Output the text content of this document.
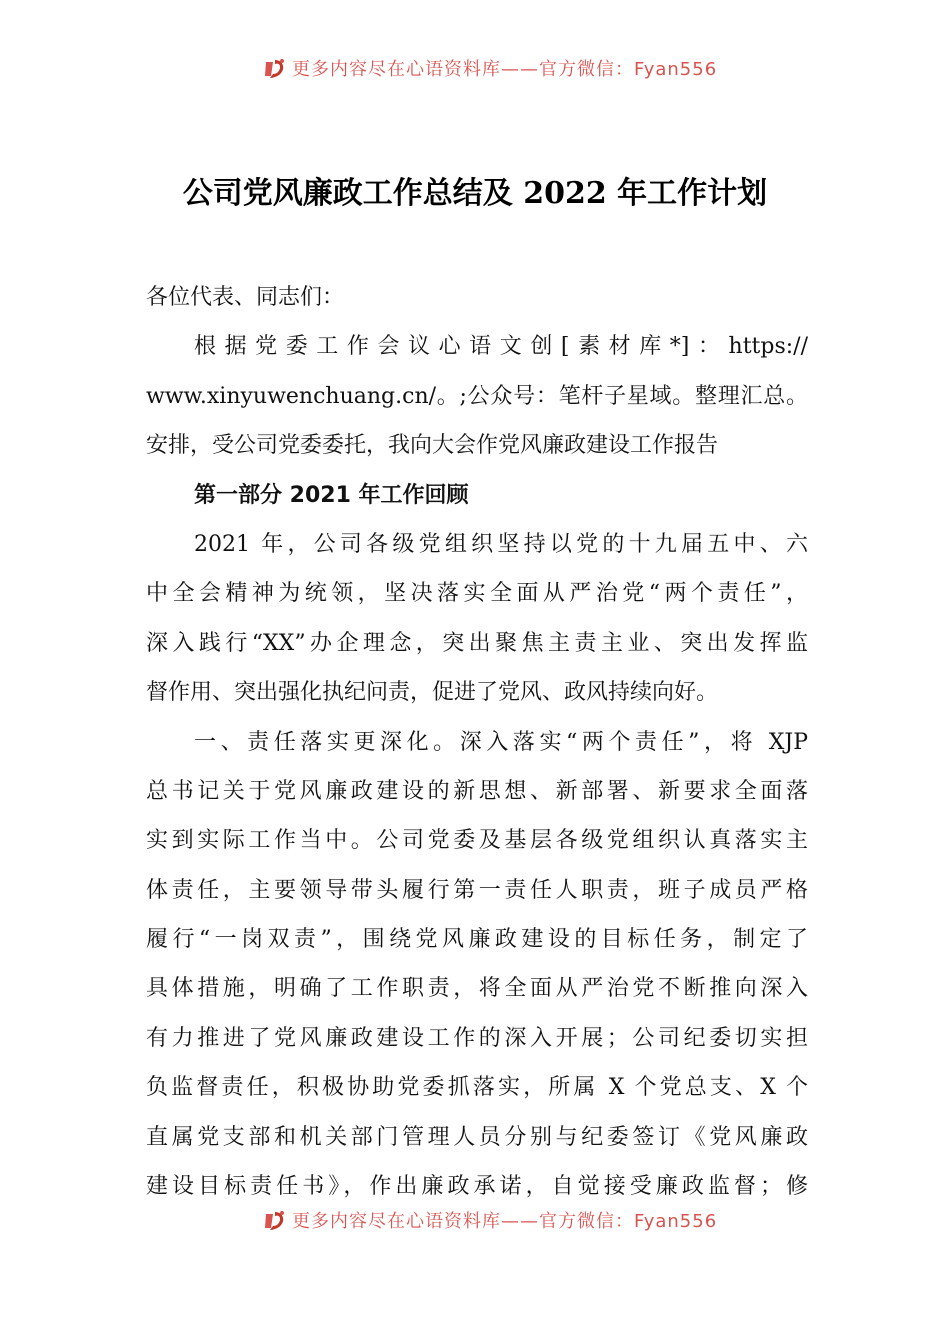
更多内容尽在心语资料库——官方微信：Fyan556
公司党风廉政工作总结及 2022 年工作计划
各位代表、同志们：
根据党委工作会议心语文创[素材库*]：https://
www.xinyuwenchuang.cn/。;公众号：笔杆子星域。整理汇总。
安排，受公司党委委托，我向大会作党风廉政建设工作报告
第一部分 2021 年工作回顾
2021 年，公司各级党组织坚持以党的十九届五中、六
中全会精神为统领，坚决落实全面从严治党“两个责任”，
深入践行“XX”办企理念，突出聚焦主责主业、突出发挥监
督作用、突出强化执纪问责，促进了党风、政风持续向好。
一、责任落实更深化。深入落实“两个责任”，将 XJP
总书记关于党风廉政建设的新思想、新部署、新要求全面落
实到实际工作当中。公司党委及基层各级党组织认真落实主
体责任，主要领导带头履行第一责任人职责，班子成员严格
履行“一岗双责”，围绕党风廉政建设的目标任务，制定了
具体措施，明确了工作职责，将全面从严治党不断推向深入
有力推进了党风廉政建设工作的深入开展；公司纪委切实担
负监督责任，积极协助党委抓落实，所属 X 个党总支、X 个
直属党支部和机关部门管理人员分别与纪委签订《党风廉政
建设目标责任书》，作出廉政承诺，自觉接受廉政监督；修
更多内容尽在心语资料库——官方微信：Fyan556
